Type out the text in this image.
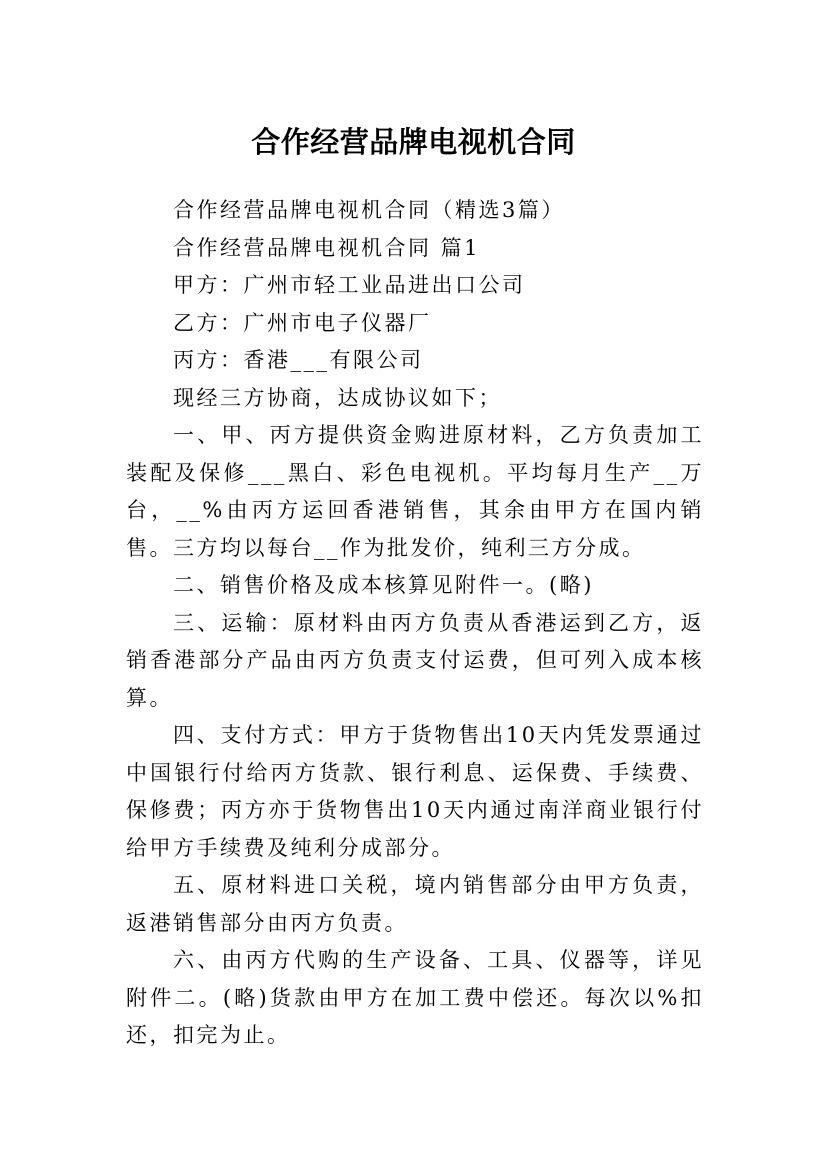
合作经营品牌电视机合同

合作经营品牌电视机合同（精选3篇）

合作经营品牌电视机合同 篇1

甲方：广州市轻工业品进出口公司

乙方：广州市电子仪器厂

丙方：香港___有限公司

现经三方协商，达成协议如下；

一、甲、丙方提供资金购进原材料，乙方负责加工装配及保修___黑白、彩色电视机。平均每月生产__万台，__%由丙方运回香港销售，其余由甲方在国内销售。三方均以每台__作为批发价，纯利三方分成。

二、销售价格及成本核算见附件一。(略)

三、运输：原材料由丙方负责从香港运到乙方，返销香港部分产品由丙方负责支付运费，但可列入成本核算。

四、支付方式：甲方于货物售出10天内凭发票通过中国银行付给丙方货款、银行利息、运保费、手续费、保修费；丙方亦于货物售出10天内通过南洋商业银行付给甲方手续费及纯利分成部分。

五、原材料进口关税，境内销售部分由甲方负责，返港销售部分由丙方负责。

六、由丙方代购的生产设备、工具、仪器等，详见附件二。(略)货款由甲方在加工费中偿还。每次以%扣还，扣完为止。
